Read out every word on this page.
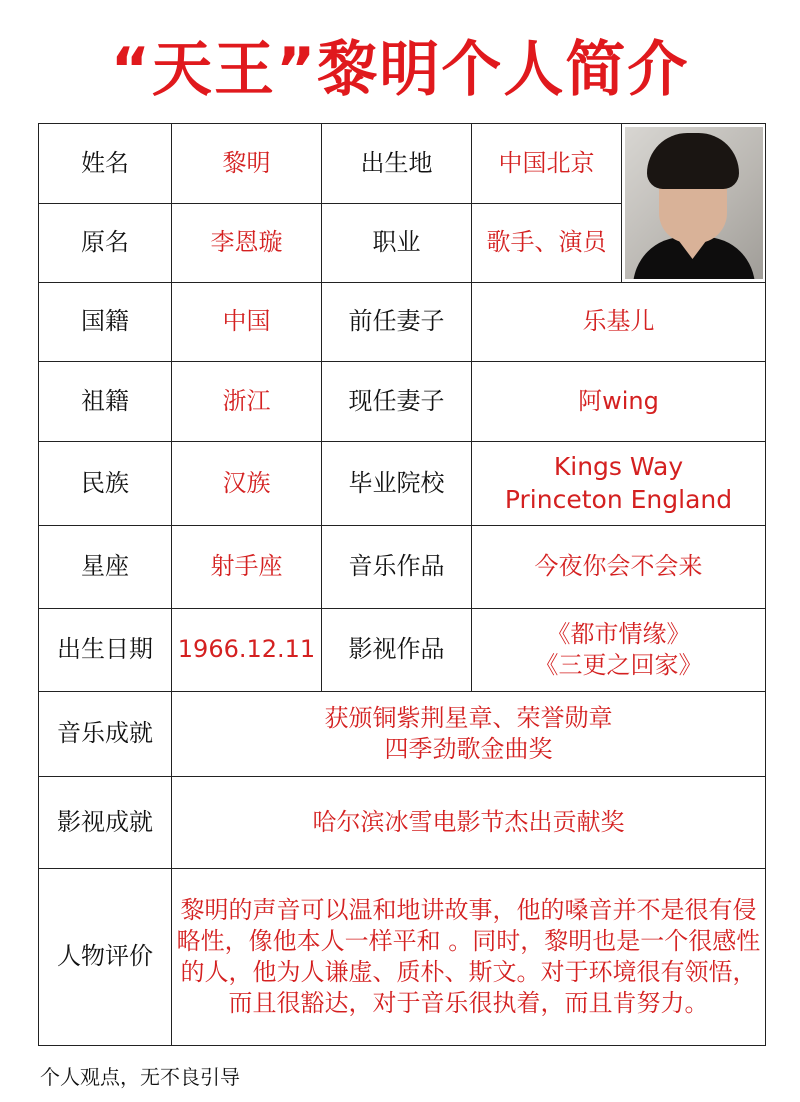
“天王”黎明个人简介
姓名	黎明	出生地	中国北京	

原名	李恩璇	职业	歌手、演员	
国籍	中国	前任妻子	乐基儿	
祖籍	浙江	现任妻子	阿wing	
民族	汉族	毕业院校	Kings Way
Princeton England	

星座	射手座	音乐作品	今夜你会不会来	
出生日期	1966.12.11	影视作品	《都市情缘》
《三更之回家》	

音乐成就	获颁铜紫荆星章、荣誉勋章
四季劲歌金曲奖			

影视成就	哈尔滨冰雪电影节杰出贡献奖			
人物评价	黎明的声音可以温和地讲故事，他的嗓音并不是很有侵略性，像他本人一样平和 。同时，黎明也是一个很感性的人，他为人谦虚、质朴、斯文。对于环境很有领悟，而且很豁达，对于音乐很执着，而且肯努力。			
个人观点，无不良引导
